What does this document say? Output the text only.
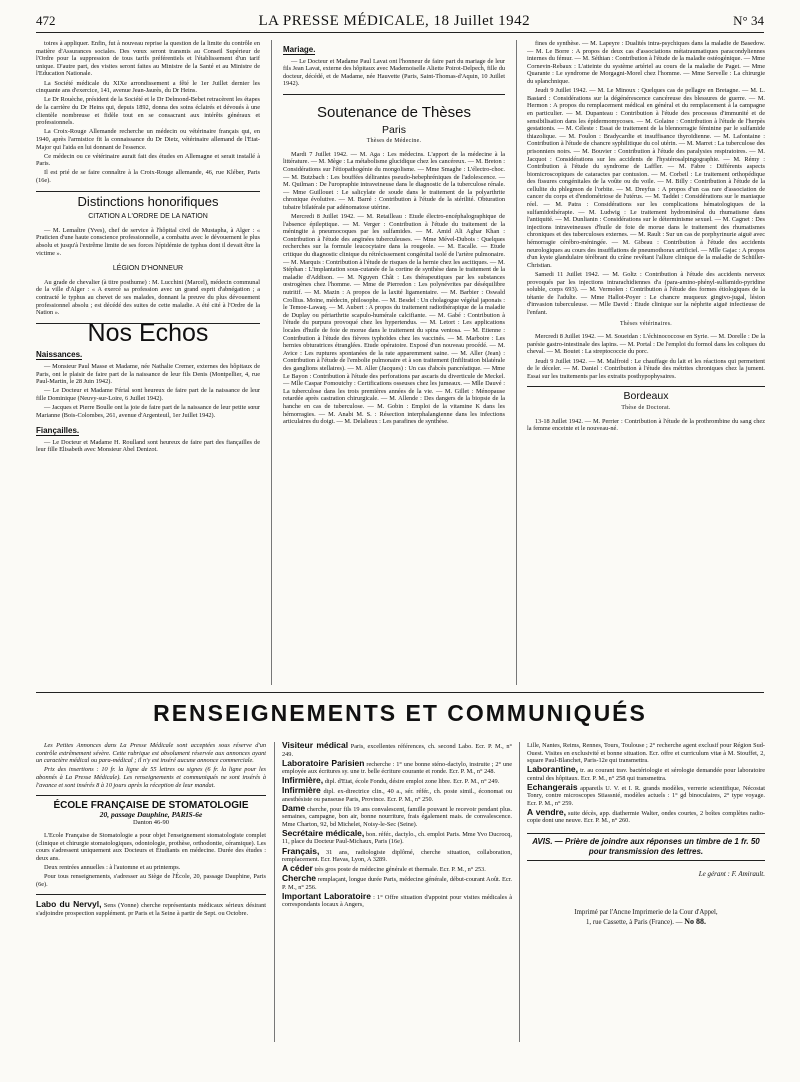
472	LA PRESSE MÉDICALE, 18 Juillet 1942	N° 34

toires à appliquer. Enfin, fut à nouveau reprise la question de la limite du contrôle en matière d'Assurances sociales. Des vœux seront transmis au Conseil Supérieur de l'Ordre pour la suppression de tous tarifs préférentiels et l'établissement d'un tarif unique. D'autre part, des visites seront faites au Ministre de la Santé et au Ministre de l'Education Nationale.

La Société médicale du XIXe arrondissement a fêté le 1er Juillet dernier les cinquante ans d'exercice, 141, avenue Jean-Jaurès, du Dr Heins.

Le Dr Rouèche, président de la Société et le Dr Delmond-Bebet retracèrent les étapes de la carrière du Dr Heins qui, depuis 1892, donna des soins éclairés et dévoués à une clientèle nombreuse et fidèle tout en se consacrant aux intérêts généraux et professionnels.

La Croix-Rouge Allemande recherche un médecin ou vétérinaire français qui, en 1940, après l'armistice fit la connaissance du Dr Dietz, vétérinaire allemand de l'Etat-Major qui l'aida en lui donnant de l'essence.

Ce médecin ou ce vétérinaire aurait fait des études en Allemagne et serait installé à Paris.

Il est prié de se faire connaître à la Croix-Rouge allemande, 46, rue Kléber, Paris (16e).

Distinctions honorifiques
CITATION A L'ORDRE DE LA NATION

— M. Lemaître (Yves), chef de service à l'hôpital civil de Mustapha, à Alger : « Praticien d'une haute conscience professionnelle, a combattu avec le dévouement le plus absolu et jusqu'à l'extrême limite de ses forces l'épidémie de typhus dont il devait être la victime ».

LÉGION D'HONNEUR

Au grade de chevalier (à titre posthume) : M. Lucchini (Marcel), médecin communal de la ville d'Alger : « A exercé sa profession avec un grand esprit d'abnégation ; a contracté le typhus au chevet de ses malades, donnant la preuve du plus dévouement professionnel absolu ; est décédé des suites de cette maladie. A été cité à l'Ordre de la Nation ».

Nos Echos
Naissances.

— Monsieur Paul Masse et Madame, née Nathalie Cremer, externes des hôpitaux de Paris, ont le plaisir de faire part de la naissance de leur fils Denis (Montpellier, 4, rue Paul-Martin, le 28 Juin 1942).

— Le Docteur et Madame Férial sont heureux de faire part de la naissance de leur fille Dominique (Neuvy-sur-Loire, 6 Juillet 1942).

— Jacques et Pierre Boulle ont la joie de faire part de la naissance de leur petite sœur Marianne (Bois-Colombes, 261, avenue d'Argenteuil, 1er Juillet 1942).

Fiançailles.

— Le Docteur et Madame H. Roulland sont heureux de faire part des fiançailles de leur fille Elisabeth avec Monsieur Abel Denizot.

Mariage.

— Le Docteur et Madame Paul Lavat ont l'honneur de faire part du mariage de leur fils Jean Lavat, externe des hôpitaux avec Mademoiselle Aliette Poirot-Delpech, fille du docteur, décédé, et de Madame, née Hauvette (Paris, Saint-Thomas-d'Aquin, 10 Juillet 1942).

Soutenance de Thèses
Paris
Thèses de Médecine.

Mardi 7 Juillet 1942. — M. Aga : Les médecins. L'apport de la médecine à la littérature. — M. Mège : La métabolisme glucidique chez les cancéreux. — M. Breton : Considérations sur l'étiopathogénie du mongolisme. — Mme Smaghe : L'électro-choc. — M. Butzbach : Les bouffées délirantes pseudo-hebephréniques de l'adolescence. — M. Quilman : De l'uropraphie intraveineuse dans le diagnostic de la tuberculose rénale. — Mme Guillouet : Le salicylate de soude dans le traitement de la polyarthrite chronique évolutive. — M. Barré : Contribution à l'étude de la stérilité. Obturation tubaire bilatérale par adénomatose utérine.

Mercredi 8 Juillet 1942. — M. Retailleau : Etude électro-encéphalographique de l'absence épileptique. — M. Verger : Contribution à l'étude du traitement de la méningite à pneumocoques par les sulfamides. — M. Amid Ali Aghar Khan : Contribution à l'étude des anginées tuberculeuses. — Mme Mével-Dubois : Quelques recherches sur la formule leucocytaire dans la rougeole. — M. Escalle. — Etude critique du diagnostic clinique du rétrécissement congénital isolé de l'artère pulmonaire. — M. Marquis : Contribution à l'étude de risques de la hernie chez les ascitiques. — M. Stéphan : L'implantation sous-cutanée de la cortine de synthèse dans le traitement de la maladie d'Addison. — M. Nguyen Chât : Les thérapeutiques par les substances œstrogènes chez l'homme. — Mme de Pierredon : Les polynévrites par déséquilibre nutritif. — M. Mazin : A propos de la laxité ligamentaire. — M. Barbier : Oswald Crollius. Moine, médecin, philosophe. — M. Besdel : Un cholagogue végétal japonais : le Temoe-Lawaq. — M. Aubert : A propos du traitement radiothérapique de la maladie de Duplay ou périarthrite scapulo-humérale calcifiante. — M. Gabé : Contribution à l'étude du purpura provoqué chez les hypertendus. — M. Letort : Les applications locales d'huile de foie de morue dans le traitement du spina ventosa. — M. Etienne : Contribution à l'étude des fièvres typhoïdes chez les vaccinés. — M. Marboire : Les hernies obturatrices étranglées. Etude opératoire. Exposé d'un nouveau procédé. — M. Avice : Les ruptures spontanées de la rate apparemment saine. — M. Aller (Jean) : Contribution à l'étude de l'embolie pulmonaire et à son traitement (Infiltration bilatérale des ganglions stellaires). — M. Aller (Jacques) : Un cas d'abcès pancréatique. — Mme Le Bayon : Contribution à l'étude des perforations par ascaris du diverticule de Meckel. — Mlle Caspar Fomoutchy : Certifications osseuses chez les jumeaux. — Mlle Dauvé : La tuberculose dans les trois premières années de la vie. — M. Gillet : Ménopause retardée après castration chirurgicale. — M. Allende : Des dangers de la biopsie de la hanche en cas de tuberculose. — M. Gobin : Emploi de la vitamine K dans les hémorragies. — M. Anabi M. S. : Résection interphalangienne dans les infections articulaires du doigt. — M. Delalieux : Les parafines de synthèse.

fines de synthèse. — M. Lapeyre : Dualités intra-psychiques dans la maladie de Basedow. — M. Le Borre : A propos de deux cas d'associations métatraumatiques paracondyliennes internes du fémur. — M. Séthian : Contribution à l'étude de la maladie ostéogénique. — Mme Cornevin-Rebaux : L'atteinte du système artériel au cours de la maladie de Paget. — Mme Quarante : Le syndrome de Morgagni-Morel chez l'homme. — Mme Servelle : La chirurgie du splanchnique.

Jeudi 9 Juillet 1942. — M. Le Minoux : Quelques cas de pellagre en Bretagne. — M. L. Bastard : Considérations sur la dégénérescence cancéreuse des blessures de guerre. — M. Hermon : A propos du remplacement médical en général et du remplacement à la campagne en particulier. — M. Dupanteau : Contribution à l'étude des processus d'immunité et de sensibilisation dans les épidermomycoses. — M. Golaine : Contribution à l'étude de l'herpès gestationis. — M. Céleste : Essai de traitement de la blennorragie féminine par le sulfamide thiazolique. — M. Foulon : Bradycardie et insuffisance thyroïdienne. — M. Lafontaine : Contribution à l'étude de chancre syphilitique du col utérin. — M. Marret : La tuberculose des prisonniers noirs. — M. Bouvier : Contribution à l'étude des paralysies respiratoires. — M. Jacquot : Considérations sur les accidents de l'hystérosalpingographie. — M. Rémy : Contribution à l'étude du syndrome de Laffler. — M. Fabre : Différents aspects biomicroscopiques de cataractes par contusion. — M. Corbeil : Le traitement orthopédique des fissures congénitales de la voûte ou du voile. — M. Billy : Contribution à l'étude de la cellulite du phlegmon de l'orbite. — M. Dreyfus : A propos d'un cas rare d'association de cancer du corps et d'endométriose de l'utérus. — M. Taddei : Considérations sur le maniaque réel. — M. Patra : Considérations sur les complications hématologiques de la sulfamidothérapie. — M. Ludwig : Le traitement hydrominéral du rhumatisme dans l'antiquité. — M. Dunlianin : Considérations sur le déterminisme sexuel. — M. Cagnet : Des injections intraveineuses d'huile de foie de morue dans le traitement des rhumatismes chroniques et des tuberculoses externes. — M. Rault : Sur un cas de porphyrinurie aiguë avec hémorragie cérébro-méningée. — M. Gibeau : Contribution à l'étude des accidents neurologiques au cours des insufflations de pneumothorax artificiel. — Mlle Gajac : A propos d'un kyste glandulaire térébrant du crâne revêtant l'allure clinique de la maladie de Schüller-Christian.

Samedi 11 Juillet 1942. — M. Goltz : Contribution à l'étude des accidents nerveux provoqués par les injections intrarachidiennes d'a (para-amino-phényl-sulfamido-pyridine soluble, corps 693). — M. Vermolen : Contribution à l'étude des formes étiologiques de la tétanie de l'adulte. — Mme Hallot-Poyer : Le chancre muqueux gingivo-jugal, lésion d'invasion tuberculeuse. — Mlle David : Etude clinique sur la néphrite aiguë infectieuse de l'enfant.

Thèses vétérinaires.

Mercredi 8 Juillet 1942. — M. Soueidan : L'échinococcose en Syrie. — M. Dorelle : De la parésie gastro-intestinale des lapins. — M. Portal : De l'emploi du formol dans les coliques du cheval. — M. Boutet : La streptococcie du porc.

Jeudi 9 Juillet 1942. — M. Malfroid : Le chauffage du lait et les réactions qui permettent de le déceler. — M. Daniel : Contribution à l'étude des métrites chroniques chez la jument. Essai sur les traitements par les extraits posthypophysaires.

Bordeaux
Thèse de Doctorat.

13-18 Juillet 1942. — M. Perrier : Contribution à l'étude de la prothrombine du sang chez la femme enceinte et le nouveau-né.

RENSEIGNEMENTS ET COMMUNIQUÉS

Les Petites Annonces dans La Presse Médicale sont acceptées sous réserve d'un contrôle extrêmement sévère. Cette rubrique est absolument réservée aux annonces ayant un caractère médical ou para-médical ; il n'y est inséré aucune annonce commerciale.

Prix des insertions : 10 fr. la ligne de 55 lettres ou signes (6 fr. la ligne pour les abonnés à La Presse Médicale). Les renseignements et communiqués ne sont insérés à l'avance et sont insérés 8 à 10 jours après la réception de leur mandat.

ÉCOLE FRANÇAISE DE STOMATOLOGIE
20, passage Dauphine, PARIS-6e
Danton 46-90

L'Ecole Française de Stomatologie a pour objet l'enseignement stomatologiste complet (clinique et chirurgie stomatologiques, odontologie, prothèse, orthodontie, céramique). Les cours s'adressent uniquement aux Docteurs et Étudiants en médecine. Durée des études : deux ans.

Deux rentrées annuelles : à l'automne et au printemps.

Pour tous renseignements, s'adresser au Siège de l'École, 20, passage Dauphine, Paris (6e).

Labo du Nervyl, Sens (Yonne) cherche représentants médicaux sérieux désirant s'adjoindre prospection supplément. pr Paris et la Seine à partir de Sept. ou Octobre.

Visiteur médical Paris, excellentes références, ch. second Labo. Ecr. P. M., n° 249.

Laboratoire Parisien recherche : 1° une bonne sténo-dactylo, instruite ; 2° une employée aux écritures sy. une tr. belle écriture courante et ronde. Ecr. P. M., n° 248.

Infirmière, dipl. d'Etat, école Fondu, désire emploi zone libre. Ecr. P. M., n° 249.

Infirmière dipl. ex-directrice clin., 40 a., sér. référ., ch. poste simil., économat ou anesthésiste ou panseuse Paris, Province. Ecr. P. M., n° 250.

Dame cherche, pour fils 19 ans convalescent, famille pouvant le recevoir pendant plus. semaines, campagne, bon air, bonne nourriture, frais également mais. de convalescence. Mme Charton, 92, bd Michelet, Noisy-le-Sec (Seine).

Secrétaire médicale, bon. référ., dactylo., ch. emploi Paris. Mme Yvo Ducrocq, 11, place du Docteur Paul-Michaux, Paris (16e).

Français, 31 ans, radiologiste diplômé, cherche situation, collaboration, remplacement. Ecr. Havas, Lyon, A 3289.

A céder très gros poste de médecine générale et thermale. Ecr. P. M., n° 253.

Cherche remplaçant, longue durée Paris, médecine générale, début-courant Août. Ecr. P. M., n° 256.

Important Laboratoire : 1° Offre situation d'appoint pour visites médicales à correspondants locaux à Angers,

Lille, Nantes, Reims, Rennes, Tours, Toulouse ; 2° recherche agent exclusif pour Région Sud-Ouest. Visites en exclusivité et bonne situation. Ecr. offre et curriculum vitæ à M. Stouffet, 2, square Paul-Blanchet, Paris-12e qui transmettra.

Laborantine, tr. au courant trav. bactériologie et sérologie demandée pour laboratoire central des hôpitaux. Ecr. P. M., n° 258 qui transmettra.

Echangerais appareils U. V. et I. R. grands modèles, verrerie scientifique, Nécostat Tonry, contre microscopes Stiassnié, modèles actuels : 1° gd binoculaires, 2° type voyage. Ecr. P. M., n° 259.

A vendre, suite décès, app. diathermie Walter, ondes courtes, 2 boîtes complètes radio-copie dont une neuve. Ecr. P. M., n° 260.

AVIS. — Prière de joindre aux réponses un timbre de 1 fr. 50 pour transmission des lettres.
Le gérant : F. Amirault.
Imprimé par l'Ancne Imprimerie de la Cour d'Appel,
1, rue Cassette, à Paris (France). — No 88.
